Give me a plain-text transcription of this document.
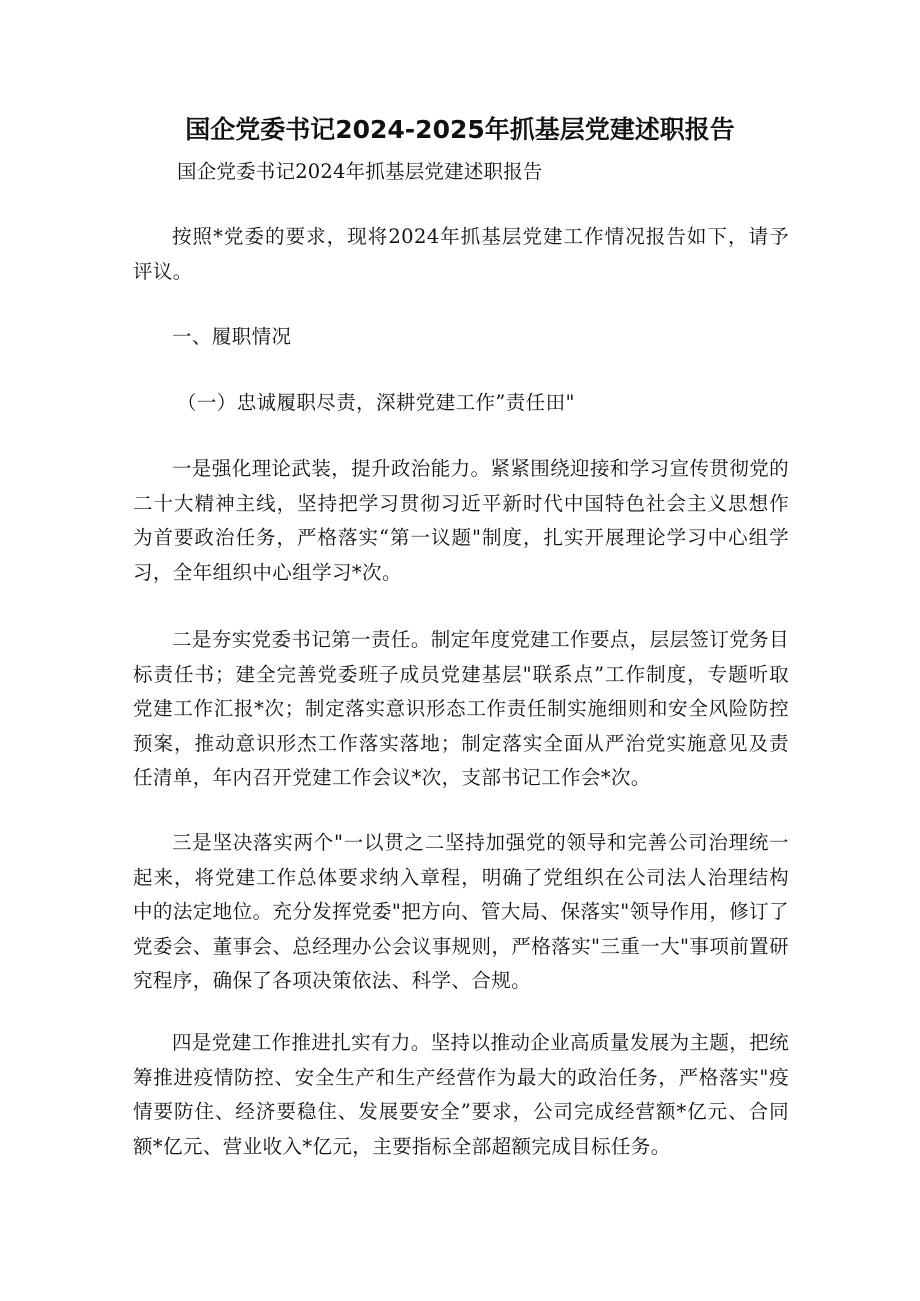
国企党委书记2024-2025年抓基层党建述职报告

国企党委书记2024年抓基层党建述职报告

按照*党委的要求，现将2024年抓基层党建工作情况报告如下，请予评议。

一、履职情况

（一）忠诚履职尽责，深耕党建工作”责任田"

一是强化理论武装，提升政治能力。紧紧围绕迎接和学习宣传贯彻党的二十大精神主线，坚持把学习贯彻习近平新时代中国特色社会主义思想作为首要政治任务，严格落实“第一议题"制度，扎实开展理论学习中心组学习，全年组织中心组学习*次。

二是夯实党委书记第一责任。制定年度党建工作要点，层层签订党务目标责任书；建全完善党委班子成员党建基层"联系点”工作制度，专题听取党建工作汇报*次；制定落实意识形态工作责任制实施细则和安全风险防控预案，推动意识形杰工作落实落地；制定落实全面从严治党实施意见及责任清单，年内召开党建工作会议*次，支部书记工作会*次。

三是坚决落实两个"一以贯之二坚持加强党的领导和完善公司治理统一起来，将党建工作总体要求纳入章程，明确了党组织在公司法人治理结构中的法定地位。充分发挥党委"把方向、管大局、保落实"领导作用，修订了党委会、董事会、总经理办公会议事规则，严格落实"三重一大"事项前置研究程序，确保了各项决策依法、科学、合规。

四是党建工作推进扎实有力。坚持以推动企业高质量发展为主题，把统筹推进疫情防控、安全生产和生产经营作为最大的政治任务，严格落实"疫情要防住、经济要稳住、发展要安全”要求，公司完成经营额*亿元、合同额*亿元、营业收入*亿元，主要指标全部超额完成目标任务。
